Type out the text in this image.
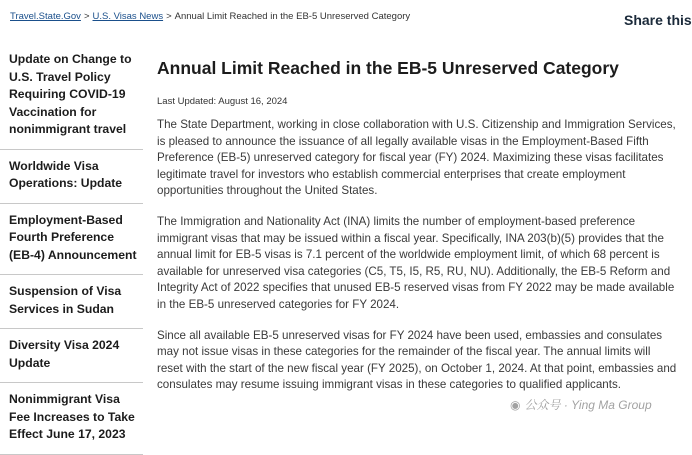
Travel.State.Gov > U.S. Visas News > Annual Limit Reached in the EB-5 Unreserved Category	Share this
Update on Change to U.S. Travel Policy Requiring COVID-19 Vaccination for nonimmigrant travel
Worldwide Visa Operations: Update
Employment-Based Fourth Preference (EB-4) Announcement
Suspension of Visa Services in Sudan
Diversity Visa 2024 Update
Nonimmigrant Visa Fee Increases to Take Effect June 17, 2023
Annual Limit Reached in the EB-5 Unreserved Category
Last Updated: August 16, 2024

The State Department, working in close collaboration with U.S. Citizenship and Immigration Services, is pleased to announce the issuance of all legally available visas in the Employment-Based Fifth Preference (EB-5) unreserved category for fiscal year (FY) 2024. Maximizing these visas facilitates legitimate travel for investors who establish commercial enterprises that create employment opportunities throughout the United States.

The Immigration and Nationality Act (INA) limits the number of employment-based preference immigrant visas that may be issued within a fiscal year. Specifically, INA 203(b)(5) provides that the annual limit for EB-5 visas is 7.1 percent of the worldwide employment limit, of which 68 percent is available for unreserved visa categories (C5, T5, I5, R5, RU, NU). Additionally, the EB-5 Reform and Integrity Act of 2022 specifies that unused EB-5 reserved visas from FY 2022 may be made available in the EB-5 unreserved categories for FY 2024.

Since all available EB-5 unreserved visas for FY 2024 have been used, embassies and consulates may not issue visas in these categories for the remainder of the fiscal year. The annual limits will reset with the start of the new fiscal year (FY 2025), on October 1, 2024. At that point, embassies and consulates may resume issuing immigrant visas in these categories to qualified applicants.

◉ 公众号 · Ying Ma Group
